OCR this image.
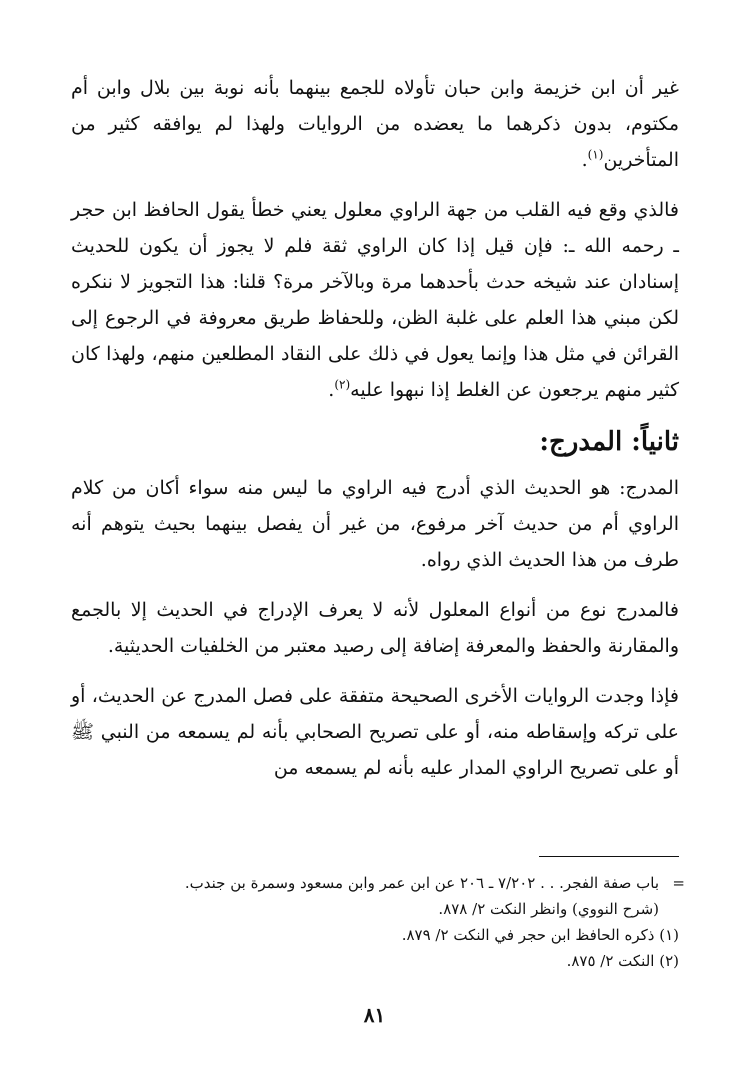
غير أن ابن خزيمة وابن حبان تأولاه للجمع بينهما بأنه نوبة بين بلال وابن أم مكتوم، بدون ذكرهما ما يعضده من الروايات ولهذا لم يوافقه كثير من المتأخرين$^{(١)}$.

فالذي وقع فيه القلب من جهة الراوي معلول يعني خطأ يقول الحافظ ابن حجر ـ رحمه الله ـ: فإن قيل إذا كان الراوي ثقة فلم لا يجوز أن يكون للحديث إسنادان عند شيخه حدث بأحدهما مرة وبالآخر مرة؟ قلنا: هذا التجويز لا ننكره لكن مبني هذا العلم على غلبة الظن، وللحفاظ طريق معروفة في الرجوع إلى القرائن في مثل هذا وإنما يعول في ذلك على النقاد المطلعين منهم، ولهذا كان كثير منهم يرجعون عن الغلط إذا نبهوا عليه$^{(٢)}$.

ثانياً: المدرج:

المدرج: هو الحديث الذي أدرج فيه الراوي ما ليس منه سواء أكان من كلام الراوي أم من حديث آخر مرفوع، من غير أن يفصل بينهما بحيث يتوهم أنه طرف من هذا الحديث الذي رواه.

فالمدرج نوع من أنواع المعلول لأنه لا يعرف الإدراج في الحديث إلا بالجمع والمقارنة والحفظ والمعرفة إضافة إلى رصيد معتبر من الخلفيات الحديثية.

فإذا وجدت الروايات الأخرى الصحيحة متفقة على فصل المدرج عن الحديث، أو على تركه وإسقاطه منه، أو على تصريح الصحابي بأنه لم يسمعه من النبي ﷺ أو على تصريح الراوي المدار عليه بأنه لم يسمعه من

=
باب صفة الفجر. . . ٧/٢٠٢ ـ ٢٠٦ عن ابن عمر وابن مسعود وسمرة بن جندب.

(شرح النووي) وانظر النكت ٢/ ٨٧٨.

(١) ذكره الحافظ ابن حجر في النكت ٢/ ٨٧٩.

(٢) النكت ٢/ ٨٧٥.

٨١
